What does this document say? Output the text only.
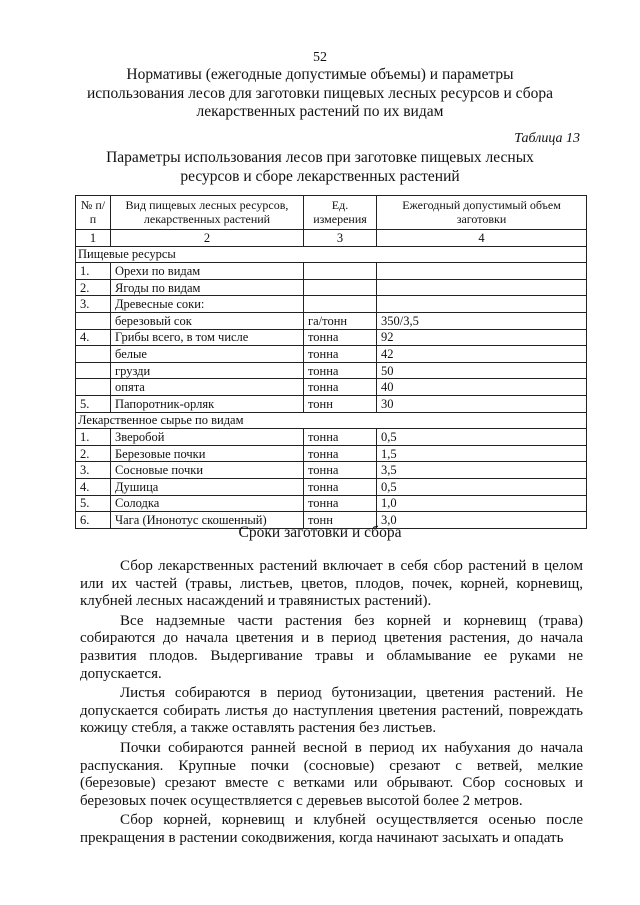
52
Нормативы (ежегодные допустимые объемы) и параметры использования лесов для заготовки пищевых лесных ресурсов и сбора лекарственных растений по их видам
Таблица 13
Параметры использования лесов при заготовке пищевых лесных ресурсов и сборе лекарственных растений
№ п/п	Вид пищевых лесных ресурсов, лекарственных растений	Ед. измерения	Ежегодный допустимый объем заготовки
1	2	3	4
Пищевые ресурсы			
1.	Орехи по видам		
2.	Ягоды по видам		
3.	Древесные соки:		
	березовый сок	га/тонн	350/3,5
4.	Грибы всего, в том числе	тонна	92
	белые	тонна	42
	грузди	тонна	50
	опята	тонна	40
5.	Папоротник-орляк	тонн	30
Лекарственное сырье по видам			
1.	Зверобой	тонна	0,5
2.	Березовые почки	тонна	1,5
3.	Сосновые почки	тонна	3,5
4.	Душица	тонна	0,5
5.	Солодка	тонна	1,0
6.	Чага (Инонотус скошенный)	тонн	3,0
Сроки заготовки и сбора

Сбор лекарственных растений включает в себя сбор растений в целом или их частей (травы, листьев, цветов, плодов, почек, корней, корневищ, клубней лесных насаждений и травянистых растений).

Все надземные части растения без корней и корневищ (трава) собираются до начала цветения и в период цветения растения, до начала развития плодов. Выдергивание травы и обламывание ее руками не допускается.

Листья собираются в период бутонизации, цветения растений. Не допускается собирать листья до наступления цветения растений, повреждать кожицу стебля, а также оставлять растения без листьев.

Почки собираются ранней весной в период их набухания до начала распускания. Крупные почки (сосновые) срезают с ветвей, мелкие (березовые) срезают вместе с ветками или обрывают. Сбор сосновых и березовых почек осуществляется с деревьев высотой более 2 метров.

Сбор корней, корневищ и клубней осуществляется осенью после прекращения в растении сокодвижения, когда начинают засыхать и опадать
